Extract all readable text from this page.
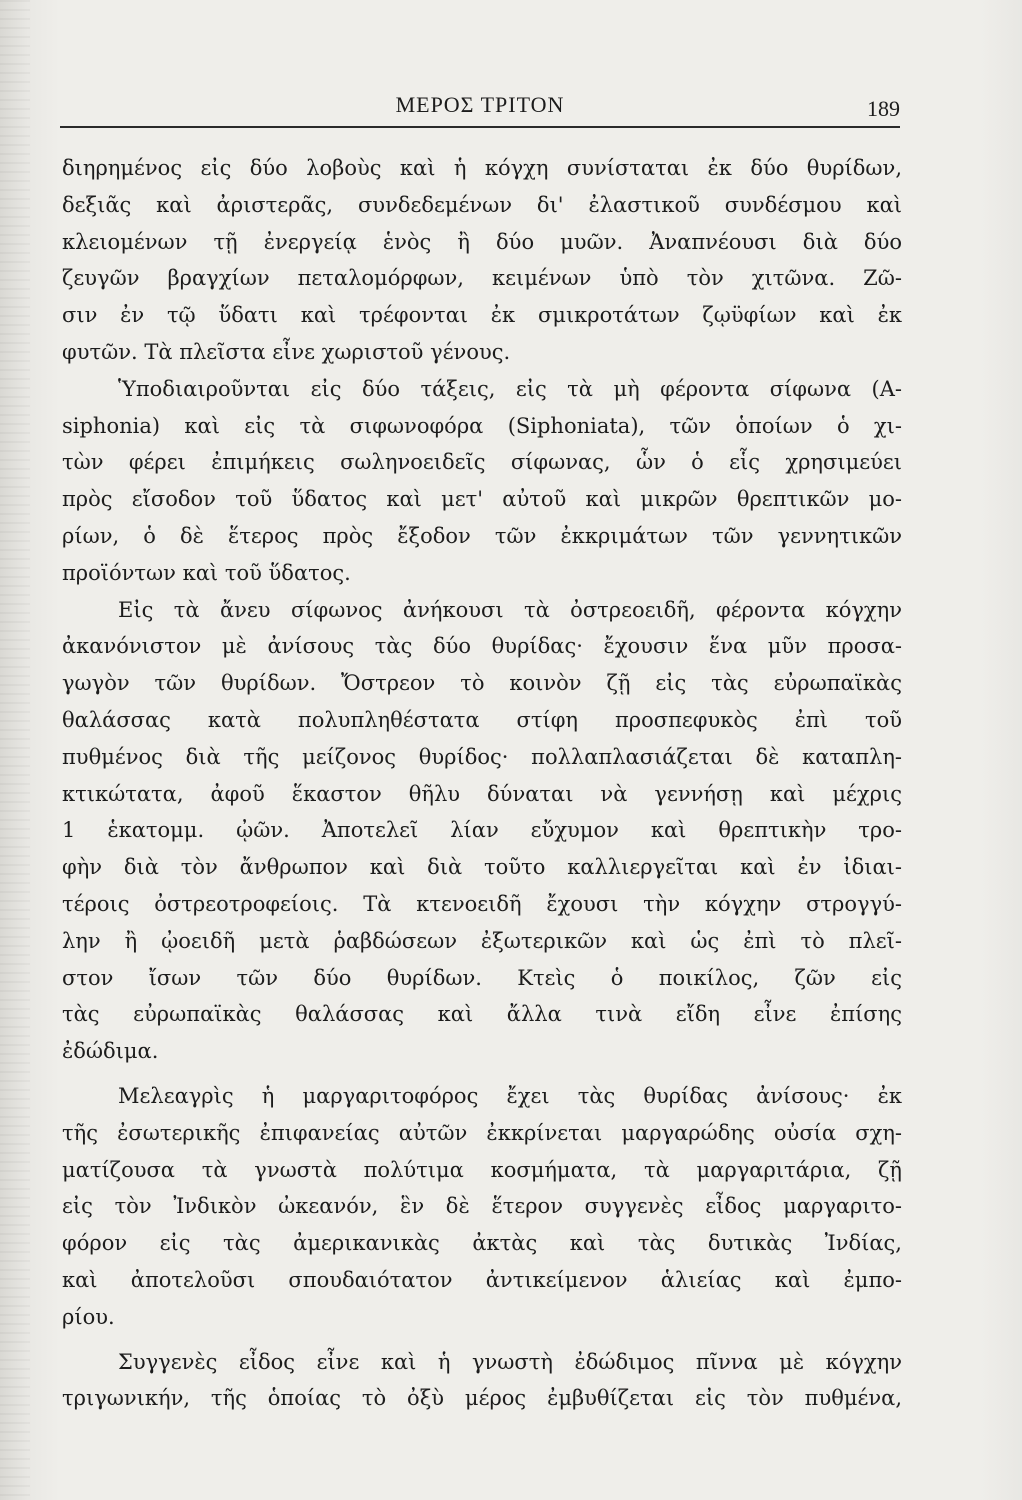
ΜΕΡΟΣ ΤΡΙΤΟΝ	189

διηρημένος εἰς δύο λοβοὺς καὶ ἡ κόγχη συνίσταται ἐκ δύο θυρίδων,
δεξιᾶς καὶ ἀριστερᾶς, συνδεδεμένων δι' ἐλαστικοῦ συνδέσμου καὶ
κλειομένων τῇ ἐνεργείᾳ ἑνὸς ἢ δύο μυῶν. Ἀναπνέουσι διὰ δύο
ζευγῶν βραγχίων πεταλομόρφων, κειμένων ὑπὸ τὸν χιτῶνα. Ζῶ-
σιν ἐν τῷ ὕδατι καὶ τρέφονται ἐκ σμικροτάτων ζῳϋφίων καὶ ἐκ
φυτῶν. Τὰ πλεῖστα εἶνε χωριστοῦ γένους.

Ὑποδιαιροῦνται εἰς δύο τάξεις, εἰς τὰ μὴ φέροντα σίφωνα (A-
siphonia) καὶ εἰς τὰ σιφωνοφόρα (Siphoniata), τῶν ὁποίων ὁ χι-
τὼν φέρει ἐπιμήκεις σωληνοειδεῖς σίφωνας, ὧν ὁ εἷς χρησιμεύει
πρὸς εἴσοδον τοῦ ὕδατος καὶ μετ' αὐτοῦ καὶ μικρῶν θρεπτικῶν μο-
ρίων, ὁ δὲ ἕτερος πρὸς ἔξοδον τῶν ἐκκριμάτων τῶν γεννητικῶν
προϊόντων καὶ τοῦ ὕδατος.

Εἰς τὰ ἄνευ σίφωνος ἀνήκουσι τὰ ὀστρεοειδῆ, φέροντα κόγχην
ἀκανόνιστον μὲ ἀνίσους τὰς δύο θυρίδας· ἔχουσιν ἕνα μῦν προσα-
γωγὸν τῶν θυρίδων. Ὄστρεον τὸ κοινὸν ζῇ εἰς τὰς εὐρωπαϊκὰς
θαλάσσας κατὰ πολυπληθέστατα στίφη προσπεφυκὸς ἐπὶ τοῦ
πυθμένος διὰ τῆς μείζονος θυρίδος· πολλαπλασιάζεται δὲ καταπλη-
κτικώτατα, ἀφοῦ ἕκαστον θῆλυ δύναται νὰ γεννήσῃ καὶ μέχρις
1 ἑκατομμ. ᾠῶν. Ἀποτελεῖ λίαν εὔχυμον καὶ θρεπτικὴν τρο-
φὴν διὰ τὸν ἄνθρωπον καὶ διὰ τοῦτο καλλιεργεῖται καὶ ἐν ἰδιαι-
τέροις ὀστρεοτροφείοις. Τὰ κτενοειδῆ ἔχουσι τὴν κόγχην στρογγύ-
λην ἢ ᾠοειδῆ μετὰ ῥαβδώσεων ἐξωτερικῶν καὶ ὡς ἐπὶ τὸ πλεῖ-
στον ἴσων τῶν δύο θυρίδων. Κτεὶς ὁ ποικίλος, ζῶν εἰς
τὰς εὐρωπαϊκὰς θαλάσσας καὶ ἄλλα τινὰ εἴδη εἶνε ἐπίσης
ἐδώδιμα.

Μελεαγρὶς ἡ μαργαριτοφόρος ἔχει τὰς θυρίδας ἀνίσους· ἐκ
τῆς ἐσωτερικῆς ἐπιφανείας αὐτῶν ἐκκρίνεται μαργαρώδης οὐσία σχη-
ματίζουσα τὰ γνωστὰ πολύτιμα κοσμήματα, τὰ μαργαριτάρια, ζῇ
εἰς τὸν Ἰνδικὸν ὠκεανόν, ἓν δὲ ἕτερον συγγενὲς εἶδος μαργαριτο-
φόρον εἰς τὰς ἀμερικανικὰς ἀκτὰς καὶ τὰς δυτικὰς Ἰνδίας,
καὶ ἀποτελοῦσι σπουδαιότατον ἀντικείμενον ἁλιείας καὶ ἐμπο-
ρίου.

Συγγενὲς εἶδος εἶνε καὶ ἡ γνωστὴ ἐδώδιμος πῖννα μὲ κόγχην
τριγωνικήν, τῆς ὁποίας τὸ ὀξὺ μέρος ἐμβυθίζεται εἰς τὸν πυθμένα,
